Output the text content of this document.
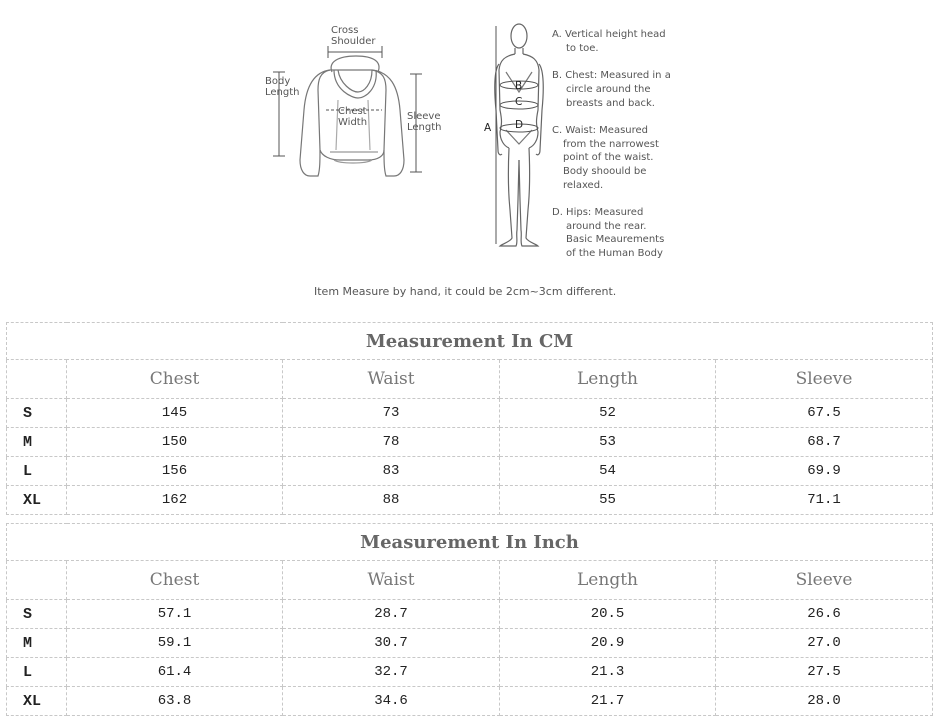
Cross
Shoulder
Body
Length
Chest
Width
Sleeve
Length	A
B
C
D
A. Vertical height head
to toe.
B. Chest: Measured in a
circle around the
breasts and back.
C. Waist: Measured
from the narrowest
point of the waist.
Body shoould be
relaxed.
D. Hips: Measured
around the rear.
Basic Meaurements
of the Human Body
Item Measure by hand, it could be 2cm~3cm different.
Measurement In CM				
	Chest	Waist	Length	Sleeve
S	145	73	52	67.5
M	150	78	53	68.7
L	156	83	54	69.9
XL	162	88	55	71.1
Measurement In Inch				
	Chest	Waist	Length	Sleeve
S	57.1	28.7	20.5	26.6
M	59.1	30.7	20.9	27.0
L	61.4	32.7	21.3	27.5
XL	63.8	34.6	21.7	28.0
